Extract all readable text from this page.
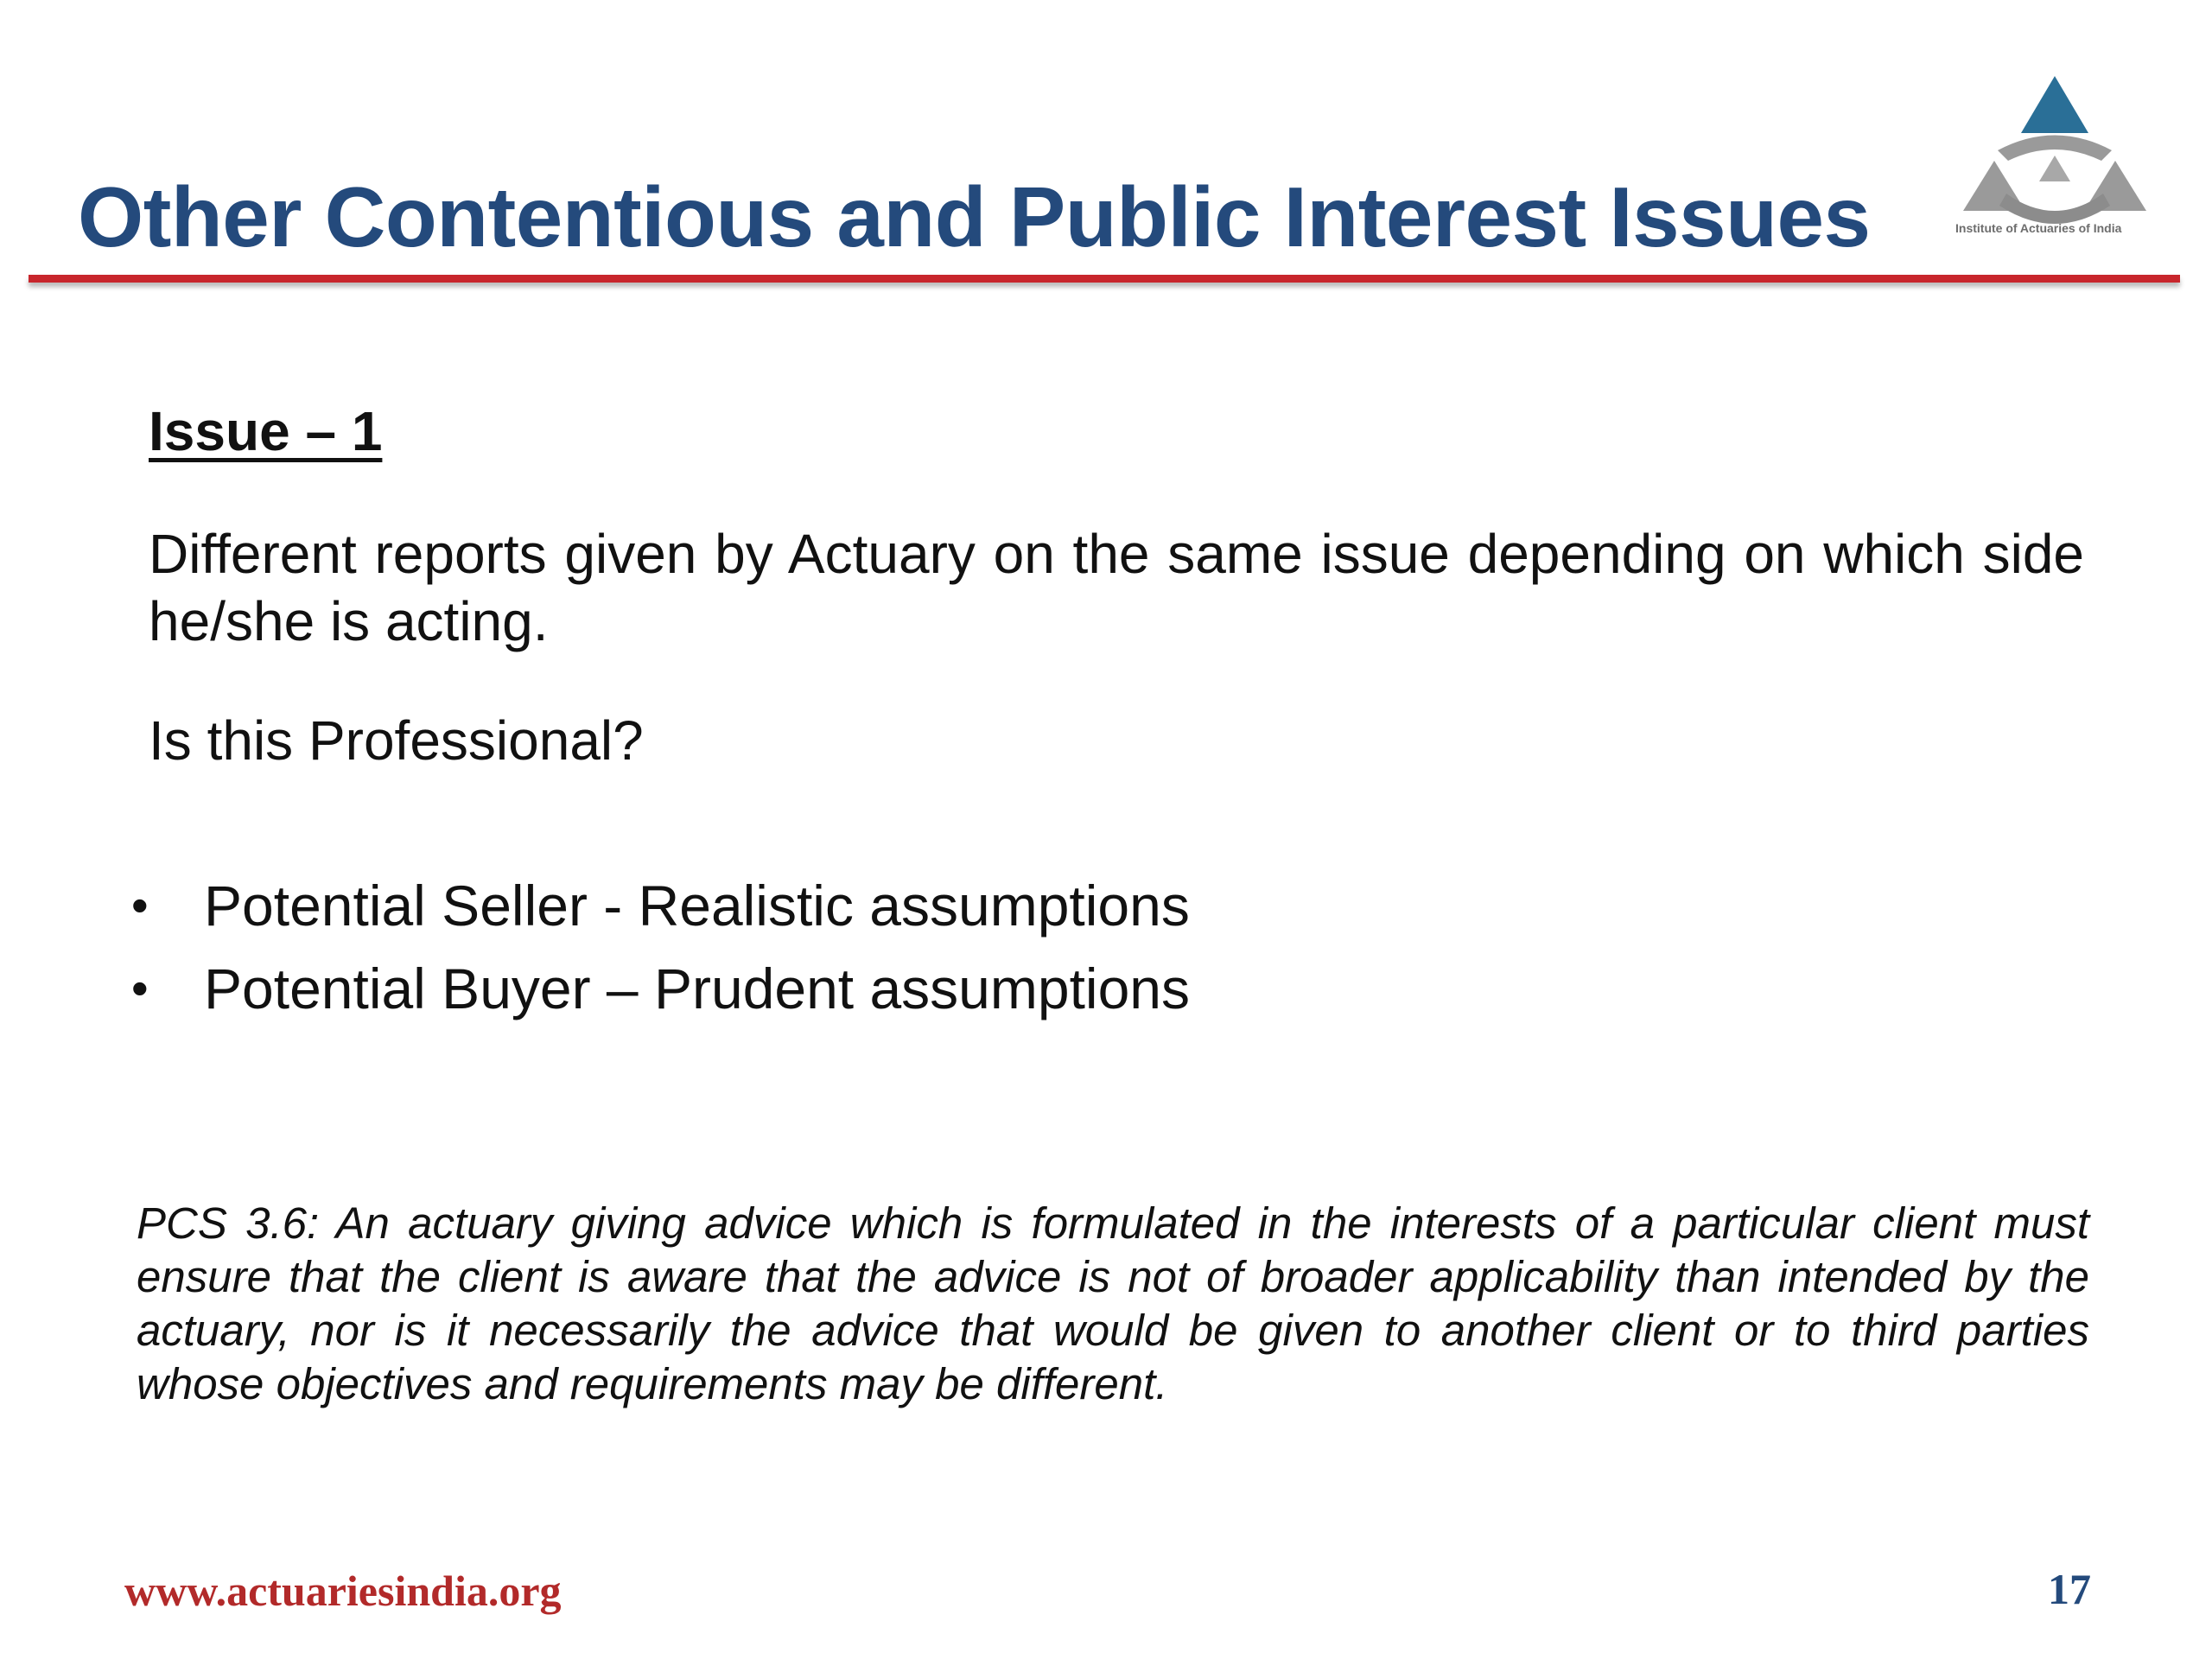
Other Contentious and Public Interest Issues	Institute of Actuaries of India
Issue – 1
Different reports given by Actuary on the same issue depending on which side he/she is acting.
Is this Professional?
• Potential Seller - Realistic assumptions
• Potential Buyer – Prudent assumptions
PCS 3.6: An actuary giving advice which is formulated in the interests of a particular client must ensure that the client is aware that the advice is not of broader applicability than intended by the actuary, nor is it necessarily the advice that would be given to another client or to third parties whose objectives and requirements may be different.
www.actuariesindia.org	17
